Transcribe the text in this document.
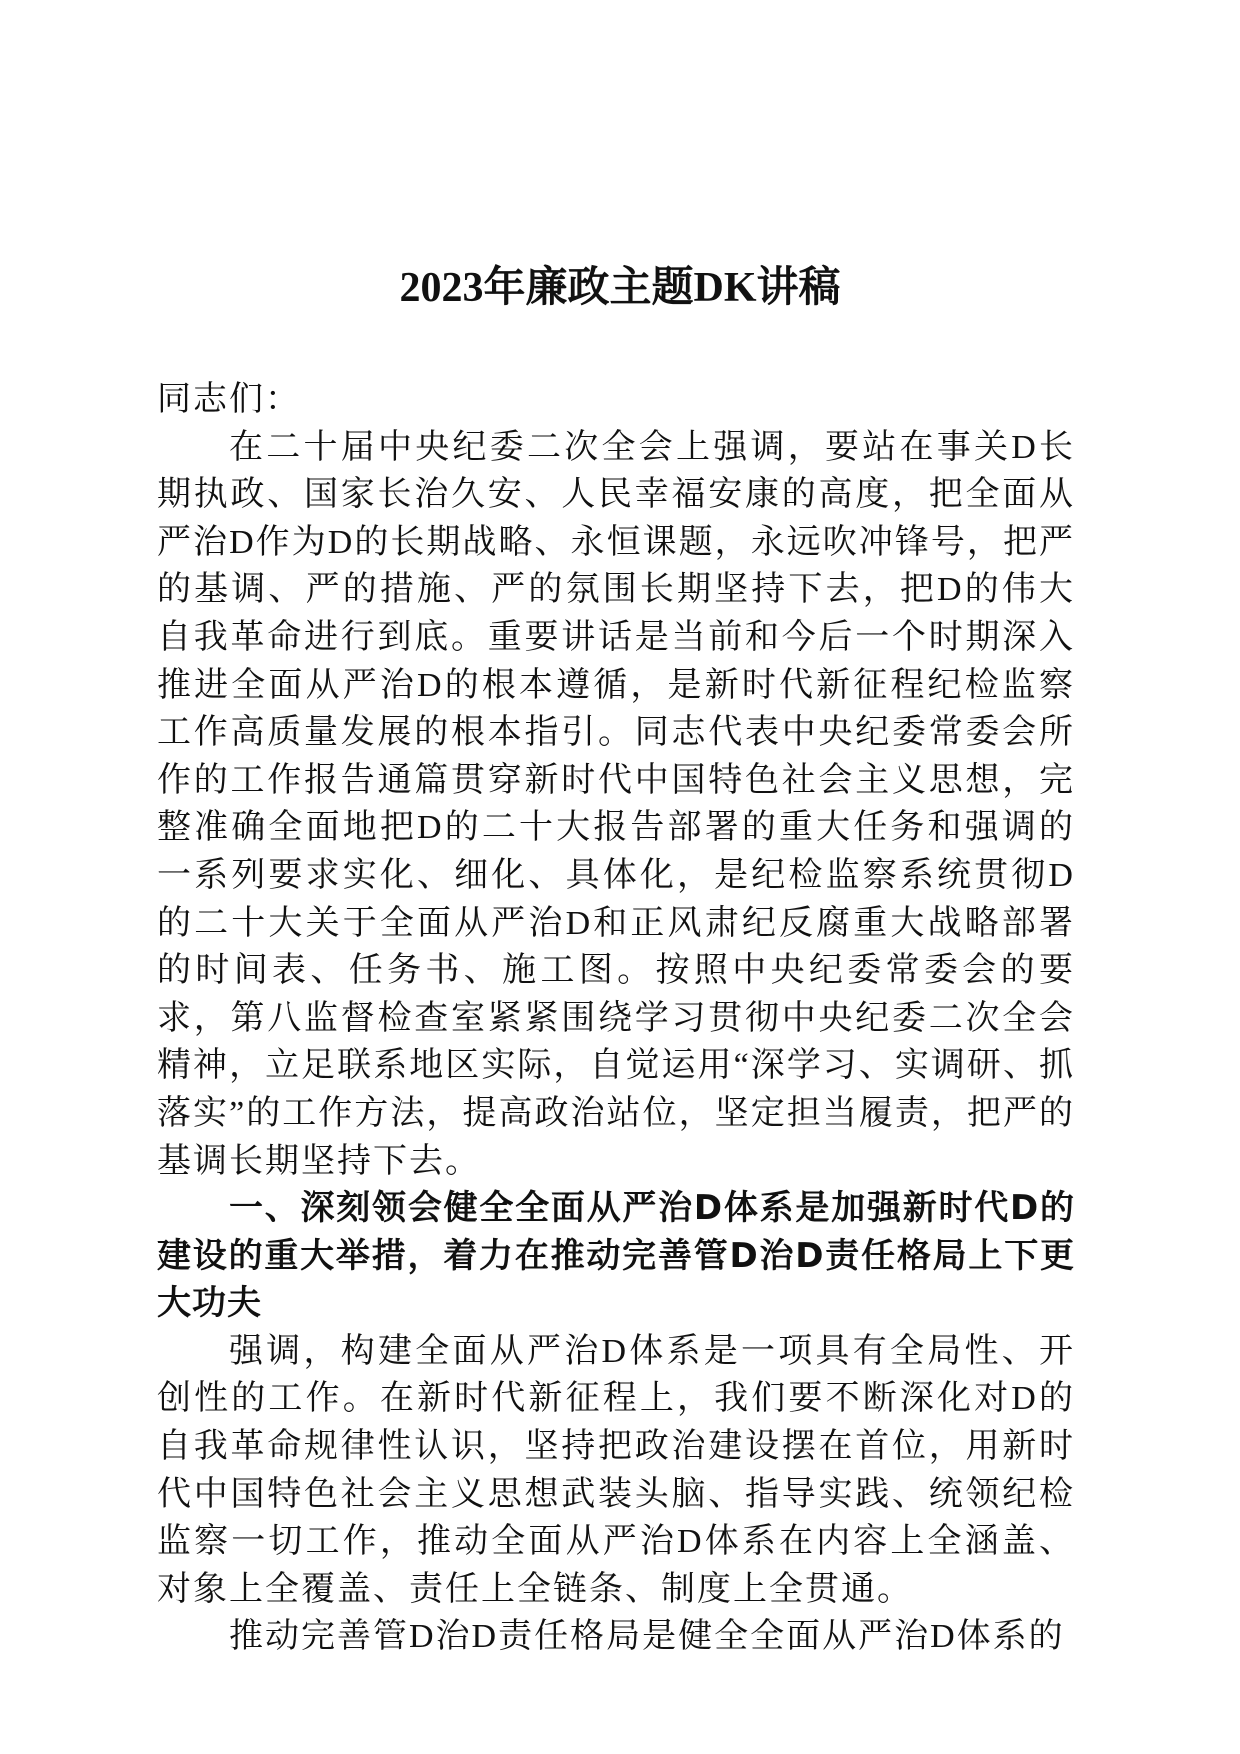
2023年廉政主题DK讲稿

同志们：

在二十届中央纪委二次全会上强调，要站在事关D长期执政、国家长治久安、人民幸福安康的高度，把全面从严治D作为D的长期战略、永恒课题，永远吹冲锋号，把严的基调、严的措施、严的氛围长期坚持下去，把D的伟大自我革命进行到底。重要讲话是当前和今后一个时期深入推进全面从严治D的根本遵循，是新时代新征程纪检监察工作高质量发展的根本指引。同志代表中央纪委常委会所作的工作报告通篇贯穿新时代中国特色社会主义思想，完整准确全面地把D的二十大报告部署的重大任务和强调的一系列要求实化、细化、具体化，是纪检监察系统贯彻D的二十大关于全面从严治D和正风肃纪反腐重大战略部署的时间表、任务书、施工图。按照中央纪委常委会的要求，第八监督检查室紧紧围绕学习贯彻中央纪委二次全会精神，立足联系地区实际，自觉运用“深学习、实调研、抓落实”的工作方法，提高政治站位，坚定担当履责，把严的基调长期坚持下去。

一、深刻领会健全全面从严治D体系是加强新时代D的建设的重大举措，着力在推动完善管D治D责任格局上下更大功夫

强调，构建全面从严治D体系是一项具有全局性、开创性的工作。在新时代新征程上，我们要不断深化对D的自我革命规律性认识，坚持把政治建设摆在首位，用新时代中国特色社会主义思想武装头脑、指导实践、统领纪检监察一切工作，推动全面从严治D体系在内容上全涵盖、对象上全覆盖、责任上全链条、制度上全贯通。

推动完善管D治D责任格局是健全全面从严治D体系的
